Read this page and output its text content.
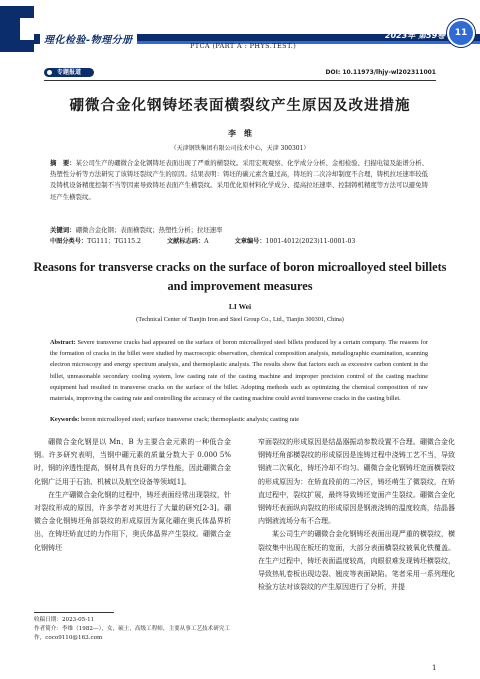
理化检验-物理分册	PTCA (PART A : PHYS.TEST.)
2023年 第59卷	11
专题报道	DOI: 10.11973/lhjy-wl202311001
硼微合金化钢铸坯表面横裂纹产生原因及改进措施
李　维
（天津钢铁集团有限公司技术中心，天津 300301）
摘　要：某公司生产的硼微合金化钢铸坯表面出现了严重的横裂纹。采用宏观观察、化学成分分析、金相检验、扫描电镜及能谱分析、热塑性分析等方法研究了该铸坯裂纹产生的原因。结果表明：铸坯的碳元素含量过高，铸坯的二次冷却制度不合理，铸机拉坯速率较低及铸机设备精度控制不当等因素导致铸坯表面产生横裂纹。采用优化原材料化学成分、提高拉坯速率、控制铸机精度等方法可以避免铸坯产生横裂纹。
关键词：硼微合金化钢；表面横裂纹；热塑性分析；拉坯速率
中图分类号：TG111；TG115.2	文献标志码：A	文章编号：1001-4012(2023)11-0001-03
Reasons for transverse cracks on the surface of boron microalloyed steel billets and improvement measures
LI Wei
(Technical Center of Tianjin Iron and Steel Group Co., Ltd., Tianjin 300301, China)
Abstract: Severe transverse cracks had appeared on the surface of boron microalloyed steel billets produced by a certain company. The reasons for the formation of cracks in the billet were studied by macroscopic observation, chemical composition analysis, metallographic examination, scanning electron microscopy and energy spectrum analysis, and thermoplastic analysis. The results show that factors such as excessive carbon content in the billet, unreasonable secondary cooling system, low casting rate of the casting machine and improper precision control of the casting machine equipment had resulted in transverse cracks on the surface of the billet. Adopting methods such as optimizing the chemical composition of raw materials, improving the casting rate and controlling the accuracy of the casting machine could avoid transverse cracks in the casting billet.
Keywords: boron microalloyed steel; surface transverse crack; thermoplastic analysis; casting rate

硼微合金化钢是以 Mn、B 为主要合金元素的一种低合金钢。许多研究表明，当钢中硼元素的质量分数大于 0.000 5%时，钢的淬透性提高，钢材具有良好的力学性能，因此硼微合金化钢广泛用于石油、机械以及航空设备等领域[1]。

在生产硼微合金化钢的过程中，铸坯表面经常出现裂纹，针对裂纹形成的原因，许多学者对其进行了大量的研究[2-3]。硼微合金化钢铸坯角部裂纹的形成原因为氮化硼在奥氏体晶界析出，在铸坯矫直过的力作用下，奥氏体晶界产生裂纹。硼微合金化钢铸坯

窄面裂纹的形成原因是结晶器振动参数设置不合理。硼微合金化钢铸坯角部横裂纹的形成原因是连铸过程中浇铸工艺不当，导致钢液二次氧化，铸坯冷却不均匀。硼微合金化钢铸坯宽面横裂纹的形成原因为：在矫直段前的二冷区，铸坯萌生了微裂纹，在矫直过程中，裂纹扩展，最终导致铸坯宽面产生裂纹。硼微合金化钢铸坯表面纵向裂纹的形成原因是钢液浇铸的温度较高，结晶器内钢液流场分布不合理。

某公司生产的硼微合金化钢铸坯表面出现严重的横裂纹，横裂纹集中出现在板坯的宽面，大部分表面横裂纹被氧化铁覆盖。在生产过程中，铸坯表面温度较高，肉眼很难发现铸坯横裂纹，导致热轧卷板出现边裂、翘皮等表面缺陷。笔者采用一系列理化检验方法对该裂纹的产生原因进行了分析，并提

收稿日期：2023-05-11
作者简介：李维（1982—），女，硕士，高级工程师，主要从事工艺技术研究工作，coco9110@163.com
1
